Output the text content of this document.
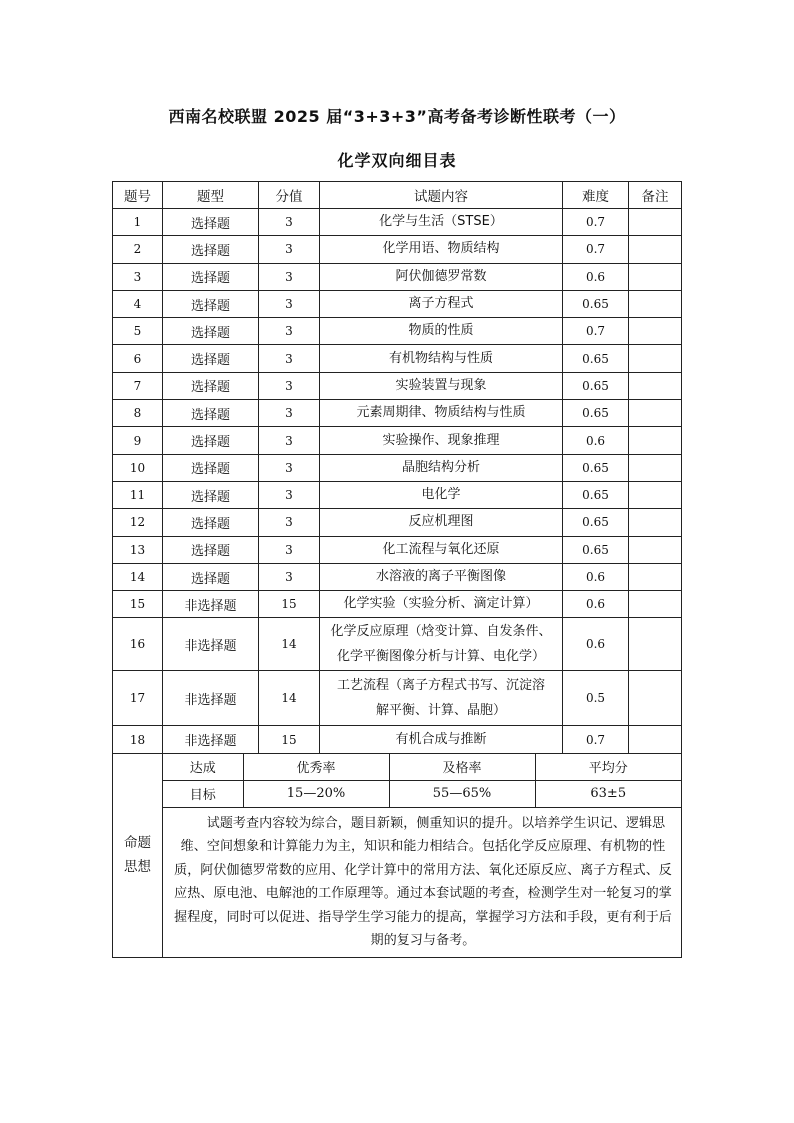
西南名校联盟 2025 届“3+3+3”高考备考诊断性联考（一）
化学双向细目表
题号	题型	分值	试题内容	难度	备注
1	选择题	3	化学与生活（STSE）	0.7	
2	选择题	3	化学用语、物质结构	0.7	
3	选择题	3	阿伏伽德罗常数	0.6	
4	选择题	3	离子方程式	0.65	
5	选择题	3	物质的性质	0.7	
6	选择题	3	有机物结构与性质	0.65	
7	选择题	3	实验装置与现象	0.65	
8	选择题	3	元素周期律、物质结构与性质	0.65	
9	选择题	3	实验操作、现象推理	0.6	
10	选择题	3	晶胞结构分析	0.65	
11	选择题	3	电化学	0.65	
12	选择题	3	反应机理图	0.65	
13	选择题	3	化工流程与氧化还原	0.65	
14	选择题	3	水溶液的离子平衡图像	0.6	
15	非选择题	15	化学实验（实验分析、滴定计算）	0.6	
16	非选择题	14	化学反应原理（焓变计算、自发条件、
化学平衡图像分析与计算、电化学）	0.6	
17	非选择题	14	工艺流程（离子方程式书写、沉淀溶
解平衡、计算、晶胞）	0.5	
18	非选择题	15	有机合成与推断	0.7	
命题
思想	
达成	优秀率	及格率	平均分
目标	15—20%	55—65%	63±5

试题考查内容较为综合，题目新颖，侧重知识的提升。以培养学生识记、逻辑思维、空间想象和计算能力为主，知识和能力相结合。包括化学反应原理、有机物的性质，阿伏伽德罗常数的应用、化学计算中的常用方法、氧化还原反应、离子方程式、反应热、原电池、电解池的工作原理等。通过本套试题的考查，检测学生对一轮复习的掌握程度，同时可以促进、指导学生学习能力的提高，掌握学习方法和手段，更有利于后期的复习与备考。
